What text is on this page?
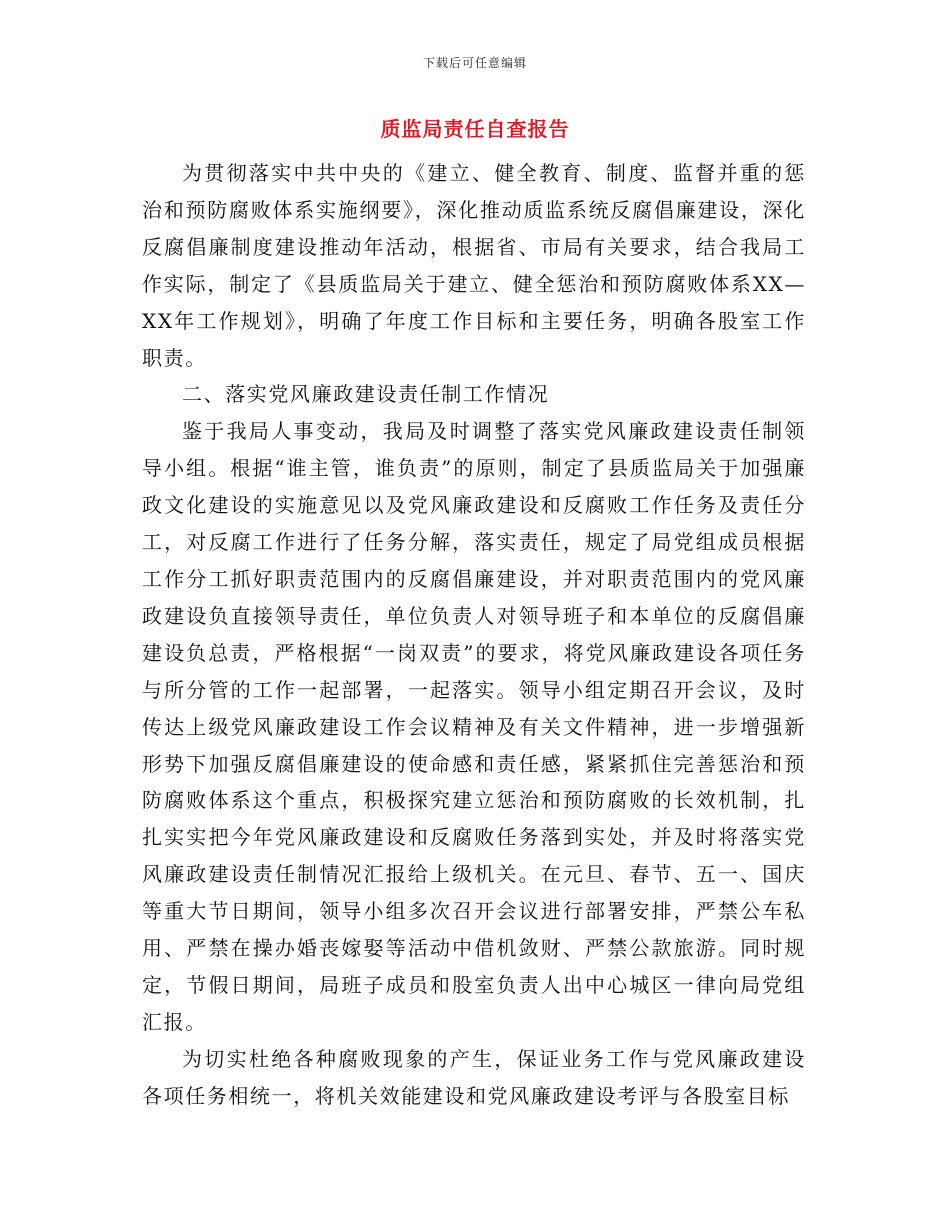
下载后可任意编辑
质监局责任自查报告

为贯彻落实中共中央的《建立、健全教育、制度、监督并重的惩治和预防腐败体系实施纲要》，深化推动质监系统反腐倡廉建设，深化反腐倡廉制度建设推动年活动，根据省、市局有关要求，结合我局工作实际，制定了《县质监局关于建立、健全惩治和预防腐败体系XX—XX年工作规划》，明确了年度工作目标和主要任务，明确各股室工作职责。

二、落实党风廉政建设责任制工作情况

鉴于我局人事变动，我局及时调整了落实党风廉政建设责任制领导小组。根据“谁主管，谁负责”的原则，制定了县质监局关于加强廉政文化建设的实施意见以及党风廉政建设和反腐败工作任务及责任分工，对反腐工作进行了任务分解，落实责任，规定了局党组成员根据工作分工抓好职责范围内的反腐倡廉建设，并对职责范围内的党风廉政建设负直接领导责任，单位负责人对领导班子和本单位的反腐倡廉建设负总责，严格根据“一岗双责”的要求，将党风廉政建设各项任务与所分管的工作一起部署，一起落实。领导小组定期召开会议，及时传达上级党风廉政建设工作会议精神及有关文件精神，进一步增强新形势下加强反腐倡廉建设的使命感和责任感，紧紧抓住完善惩治和预防腐败体系这个重点，积极探究建立惩治和预防腐败的长效机制，扎扎实实把今年党风廉政建设和反腐败任务落到实处，并及时将落实党风廉政建设责任制情况汇报给上级机关。在元旦、春节、五一、国庆等重大节日期间，领导小组多次召开会议进行部署安排，严禁公车私用、严禁在操办婚丧嫁娶等活动中借机敛财、严禁公款旅游。同时规定，节假日期间，局班子成员和股室负责人出中心城区一律向局党组汇报。

为切实杜绝各种腐败现象的产生，保证业务工作与党风廉政建设各项任务相统一，将机关效能建设和党风廉政建设考评与各股室目标
